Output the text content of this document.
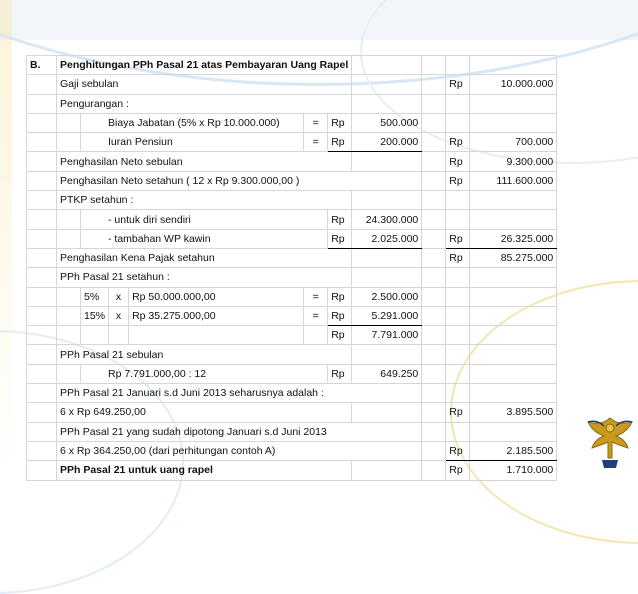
B.	Penghitungan PPh Pasal 21 atas Pembayaran Uang Rapel									
	Gaji sebulan								Rp	10.000.000
	Pengurangan :									
		Biaya Jabatan (5% x Rp 10.000.000)			=	Rp	500.000			
		Iuran Pensiun			=	Rp	200.000		Rp	700.000
	Penghasilan Neto sebulan								Rp	9.300.000
	Penghasilan Neto setahun ( 12 x Rp 9.300.000,00 )								Rp	111.600.000
	PTKP setahun :									
		- untuk diri sendiri				Rp	24.300.000			
		- tambahan WP kawin				Rp	2.025.000		Rp	26.325.000
	Penghasilan Kena Pajak setahun								Rp	85.275.000
	PPh Pasal 21 setahun :									
		5%	x	Rp 50.000.000,00	=	Rp	2.500.000			
		15%	x	Rp 35.275.000,00	=	Rp	5.291.000			
						Rp	7.791.000			
	PPh Pasal 21 sebulan									
		Rp 7.791.000,00 : 12				Rp	649.250			
	PPh Pasal 21 Januari s.d Juni 2013 seharusnya adalah :									
	6 x Rp 649.250,00								Rp	3.895.500
	PPh Pasal 21 yang sudah dipotong Januari s.d Juni 2013									
	6 x Rp 364.250,00 (dari perhitungan contoh A)								Rp	2.185.500
	PPh Pasal 21 untuk uang rapel								Rp	1.710.000
